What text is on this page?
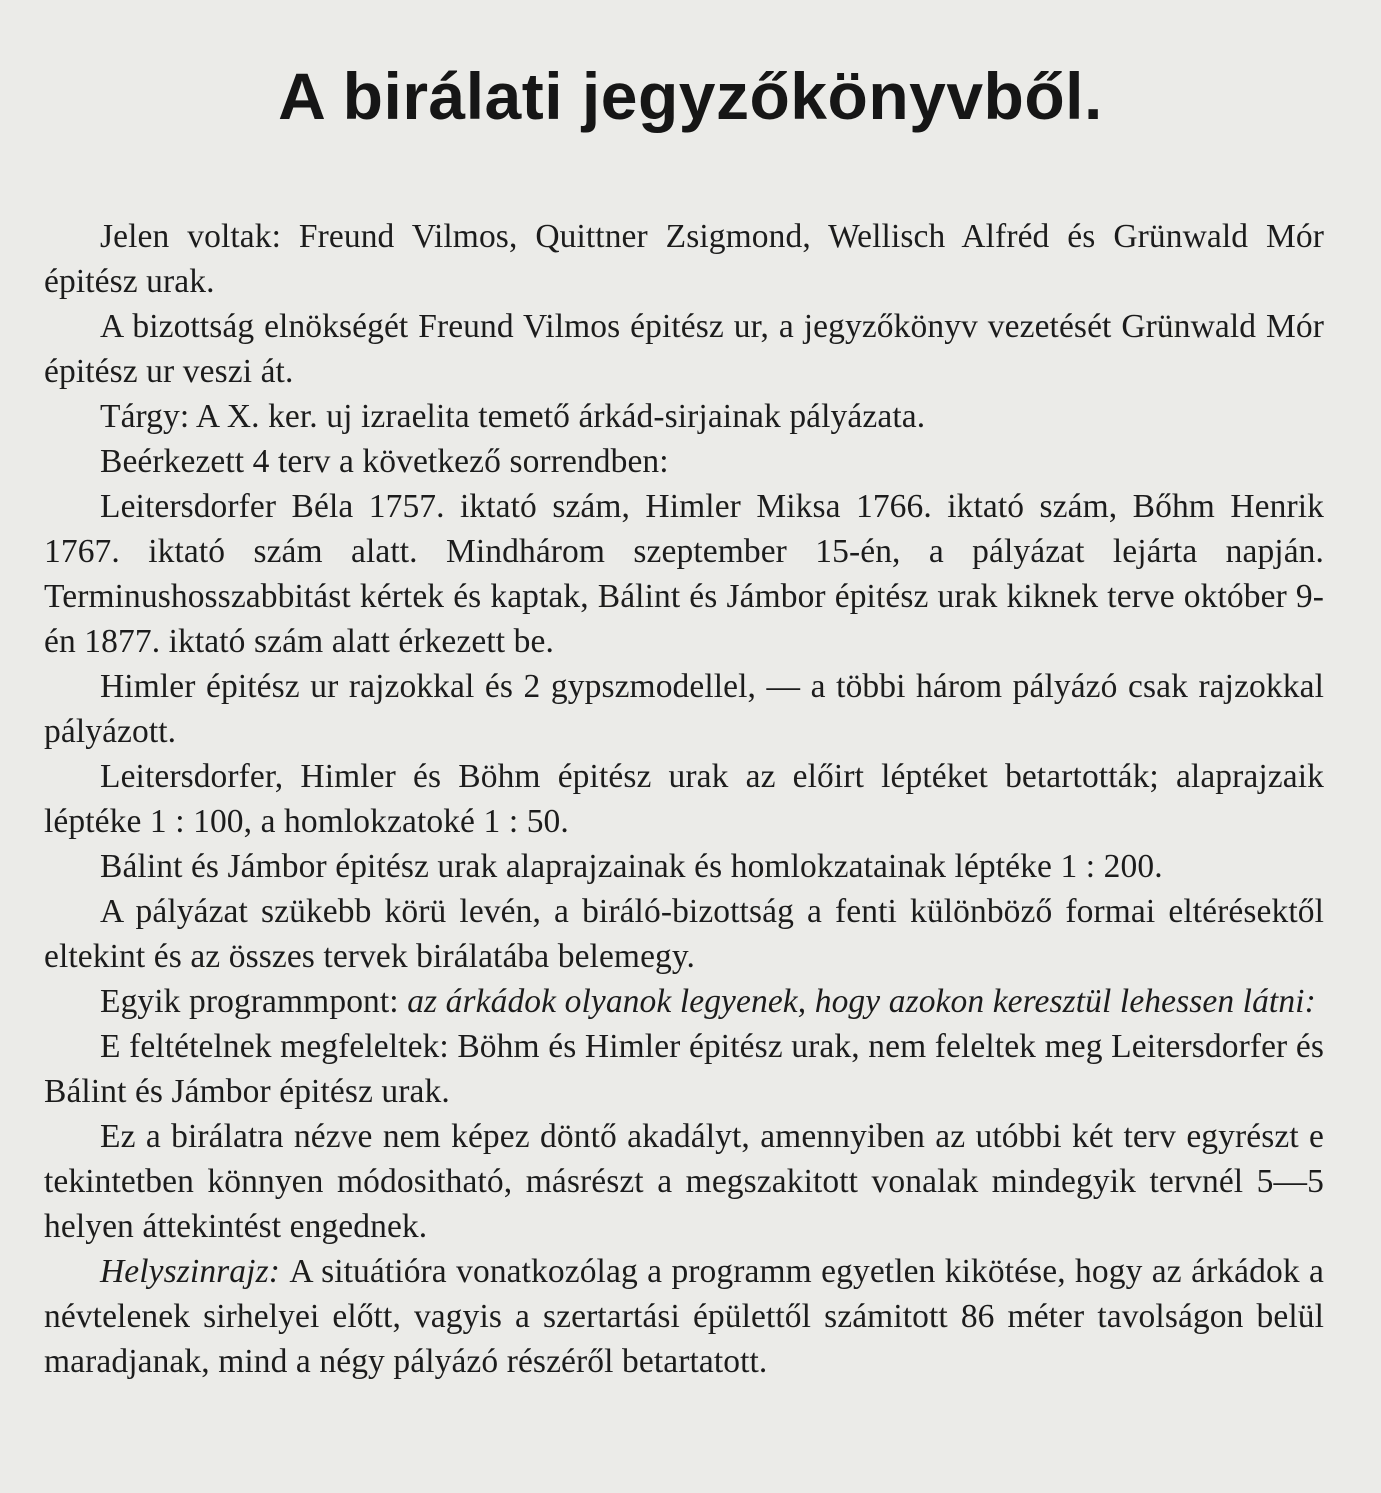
A birálati jegyzőkönyvből.

Jelen voltak: Freund Vilmos, Quittner Zsigmond, Wellisch Alfréd és Grünwald Mór épitész urak.

A bizottság elnökségét Freund Vilmos épitész ur, a jegyzőkönyv vezetését Grünwald Mór épitész ur veszi át.

Tárgy: A X. ker. uj izraelita temető árkád-sirjainak pályázata.

Beérkezett 4 terv a következő sorrendben:

Leitersdorfer Béla 1757. iktató szám, Himler Miksa 1766. iktató szám, Bőhm Henrik 1767. iktató szám alatt. Mindhárom szeptember 15-én, a pályázat lejárta napján. Terminushosszabbitást kértek és kaptak, Bálint és Jámbor épitész urak kiknek terve október 9-én 1877. iktató szám alatt érkezett be.

Himler épitész ur rajzokkal és 2 gypszmodellel, — a többi három pályázó csak rajzokkal pályázott.

Leitersdorfer, Himler és Böhm épitész urak az előirt léptéket betartották; alaprajzaik léptéke 1 : 100, a homlokzatoké 1 : 50.

Bálint és Jámbor épitész urak alaprajzainak és homlokzatainak léptéke 1 : 200.

A pályázat szükebb körü levén, a biráló-bizottság a fenti különböző formai eltérésektől eltekint és az összes tervek birálatába belemegy.

Egyik programmpont: az árkádok olyanok legyenek, hogy azokon keresztül lehessen látni:

E feltételnek megfeleltek: Böhm és Himler épitész urak, nem feleltek meg Leitersdorfer és Bálint és Jámbor épitész urak.

Ez a birálatra nézve nem képez döntő akadályt, amennyiben az utóbbi két terv egyrészt e tekintetben könnyen módositható, másrészt a megszakitott vonalak mindegyik tervnél 5—5 helyen áttekintést engednek.

Helyszinrajz: A situátióra vonatkozólag a programm egyetlen kikötése, hogy az árkádok a névtelenek sirhelyei előtt, vagyis a szertartási épülettől számitott 86 méter tavolságon belül maradjanak, mind a négy pályázó részéről betartatott.
